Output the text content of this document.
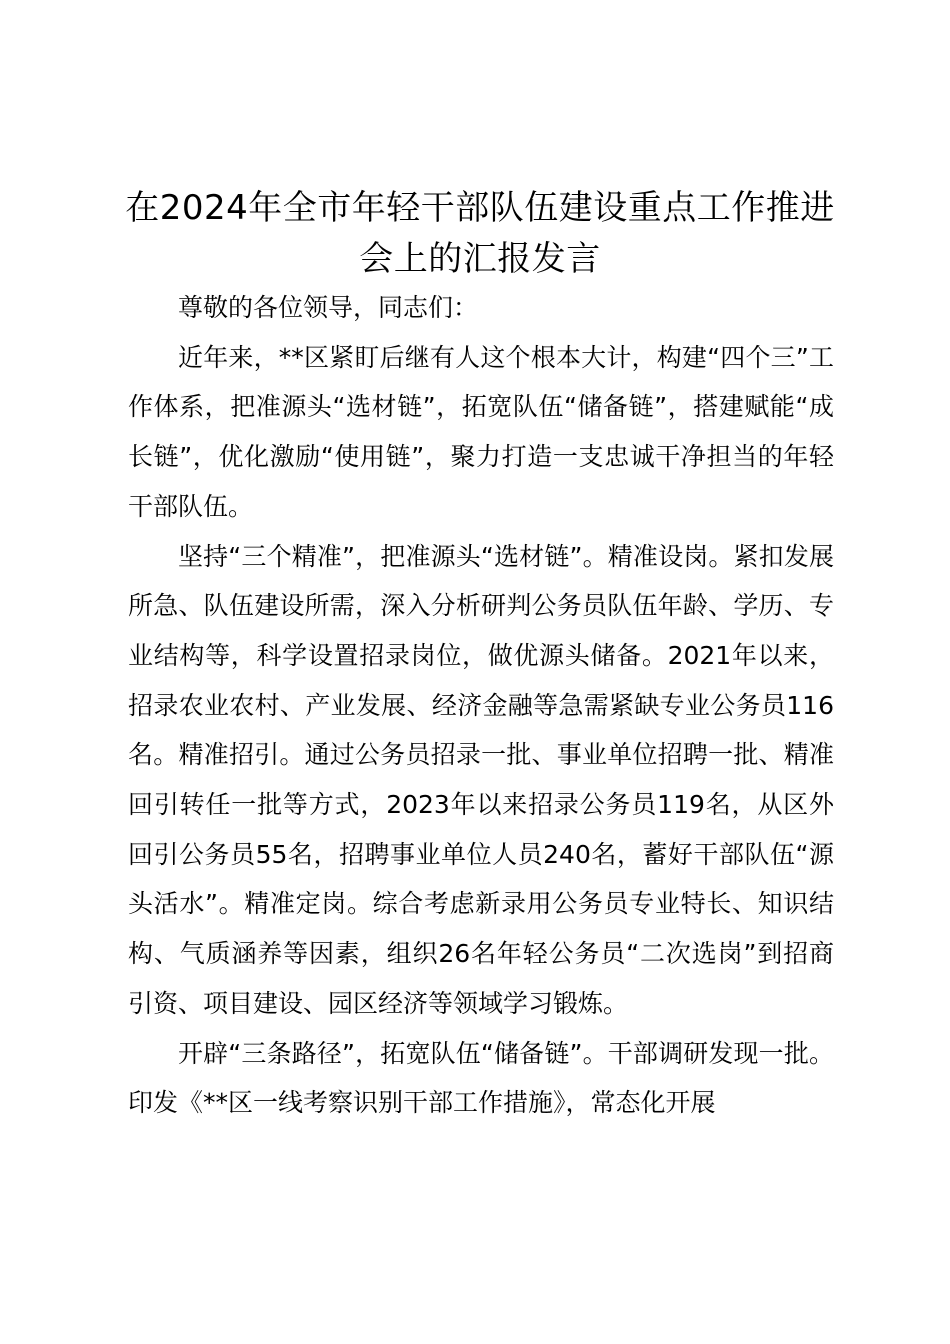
在2024年全市年轻干部队伍建设重点工作推进会上的汇报发言

尊敬的各位领导，同志们：

近年来，**区紧盯后继有人这个根本大计，构建“四个三”工作体系，把准源头“选材链”，拓宽队伍“储备链”，搭建赋能“成长链”，优化激励“使用链”，聚力打造一支忠诚干净担当的年轻干部队伍。

坚持“三个精准”，把准源头“选材链”。精准设岗。紧扣发展所急、队伍建设所需，深入分析研判公务员队伍年龄、学历、专业结构等，科学设置招录岗位，做优源头储备。2021年以来，招录农业农村、产业发展、经济金融等急需紧缺专业公务员116名。精准招引。通过公务员招录一批、事业单位招聘一批、精准回引转任一批等方式，2023年以来招录公务员119名，从区外回引公务员55名，招聘事业单位人员240名，蓄好干部队伍“源头活水”。精准定岗。综合考虑新录用公务员专业特长、知识结构、气质涵养等因素，组织26名年轻公务员“二次选岗”到招商引资、项目建设、园区经济等领域学习锻炼。

开辟“三条路径”，拓宽队伍“储备链”。干部调研发现一批。印发《**区一线考察识别干部工作措施》，常态化开展
